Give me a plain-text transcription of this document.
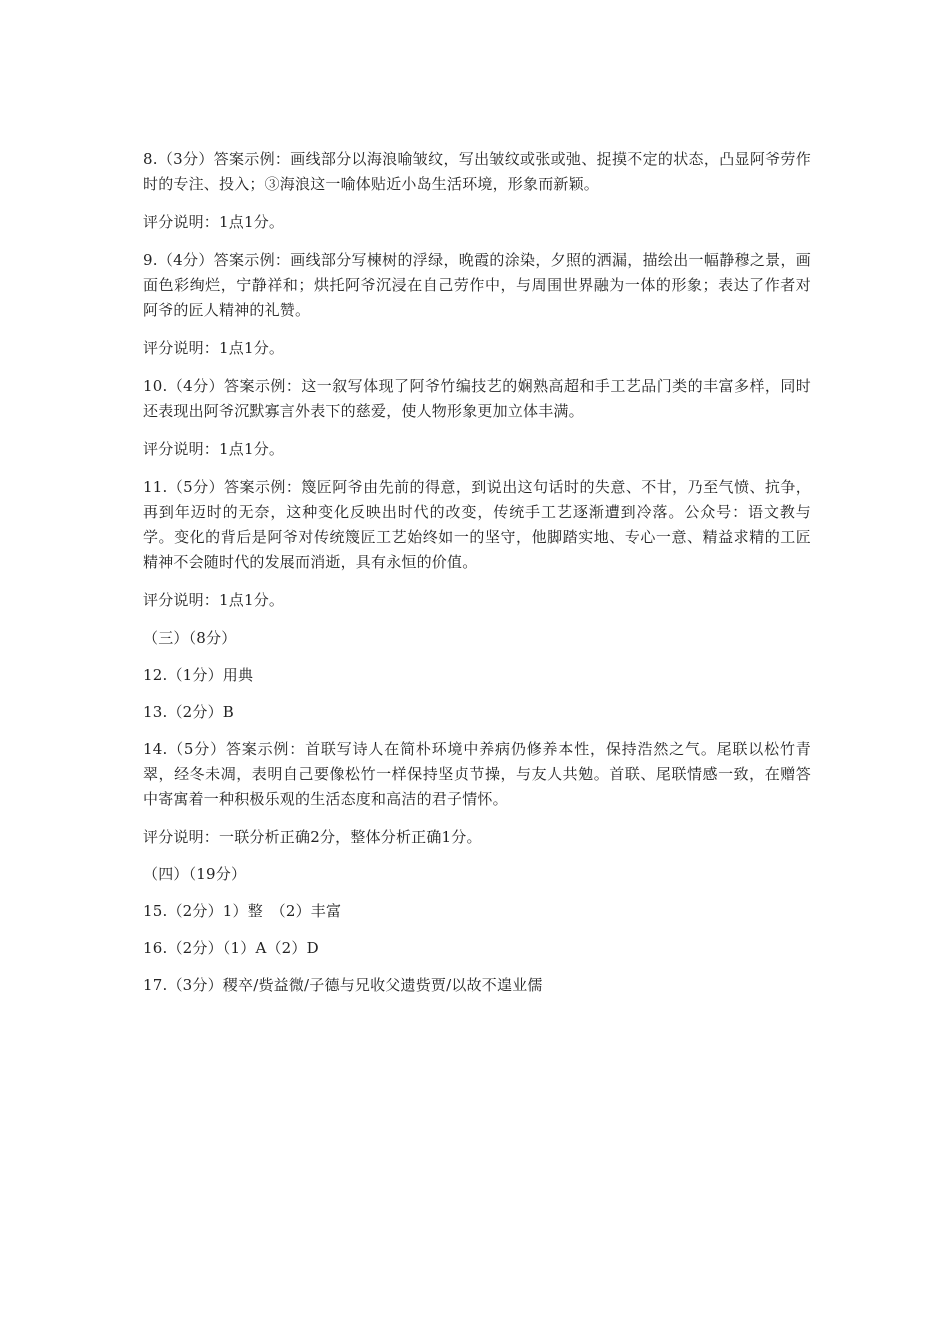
8.（3分）答案示例：画线部分以海浪喻皱纹，写出皱纹或张或弛、捉摸不定的状态，凸显阿爷劳作时的专注、投入；③海浪这一喻体贴近小岛生活环境，形象而新颖。

评分说明：1点1分。

9.（4分）答案示例：画线部分写楝树的浮绿，晚霞的涂染，夕照的洒漏，描绘出一幅静穆之景，画面色彩绚烂，宁静祥和；烘托阿爷沉浸在自己劳作中，与周围世界融为一体的形象；表达了作者对阿爷的匠人精神的礼赞。

评分说明：1点1分。

10.（4分）答案示例：这一叙写体现了阿爷竹编技艺的娴熟高超和手工艺品门类的丰富多样，同时还表现出阿爷沉默寡言外表下的慈爱，使人物形象更加立体丰满。

评分说明：1点1分。

11.（5分）答案示例：篾匠阿爷由先前的得意，到说出这句话时的失意、不甘，乃至气愤、抗争，再到年迈时的无奈，这种变化反映出时代的改变，传统手工艺逐渐遭到冷落。公众号：语文教与学。变化的背后是阿爷对传统篾匠工艺始终如一的坚守，他脚踏实地、专心一意、精益求精的工匠精神不会随时代的发展而消逝，具有永恒的价值。

评分说明：1点1分。

（三）（8分）

12.（1分）用典

13.（2分）B

14.（5分）答案示例：首联写诗人在简朴环境中养病仍修养本性，保持浩然之气。尾联以松竹青翠，经冬未凋，表明自己要像松竹一样保持坚贞节操，与友人共勉。首联、尾联情感一致，在赠答中寄寓着一种积极乐观的生活态度和高洁的君子情怀。

评分说明：一联分析正确2分，整体分析正确1分。

（四）（19分）

15.（2分）1）整　（2）丰富

16.（2分）（1）A（2）D

17.（3分）稷卒/赀益微/子德与兄收父遗赀贾/以故不遑业儒
